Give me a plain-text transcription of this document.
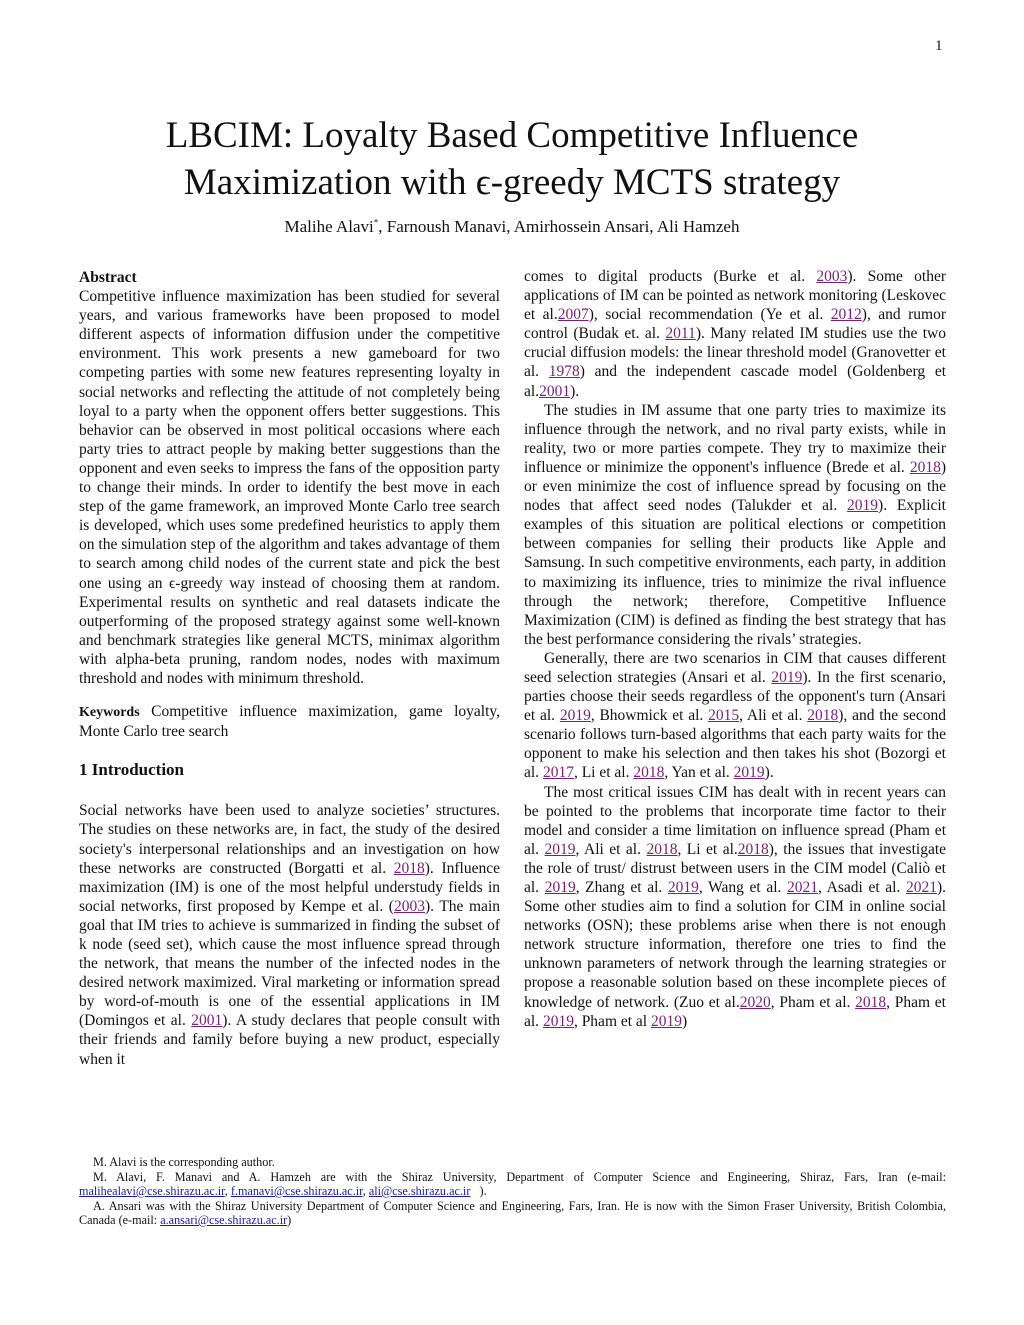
1
LBCIM: Loyalty Based Competitive Influence
Maximization with ϵ-greedy MCTS strategy
Malihe Alavi*, Farnoush Manavi, Amirhossein Ansari, Ali Hamzeh

Abstract

Competitive influence maximization has been studied for several years, and various frameworks have been proposed to model different aspects of information diffusion under the competitive environment. This work presents a new gameboard for two competing parties with some new features representing loyalty in social networks and reflecting the attitude of not completely being loyal to a party when the opponent offers better suggestions. This behavior can be observed in most political occasions where each party tries to attract people by making better suggestions than the opponent and even seeks to impress the fans of the opposition party to change their minds. In order to identify the best move in each step of the game framework, an improved Monte Carlo tree search is developed, which uses some predefined heuristics to apply them on the simulation step of the algorithm and takes advantage of them to search among child nodes of the current state and pick the best one using an ϵ-greedy way instead of choosing them at random. Experimental results on synthetic and real datasets indicate the outperforming of the proposed strategy against some well-known and benchmark strategies like general MCTS, minimax algorithm with alpha-beta pruning, random nodes, nodes with maximum threshold and nodes with minimum threshold.

Keywords Competitive influence maximization, game loyalty, Monte Carlo tree search

1 Introduction

Social networks have been used to analyze societies’ structures. The studies on these networks are, in fact, the study of the desired society's interpersonal relationships and an investigation on how these networks are constructed (Borgatti et al. 2018). Influence maximization (IM) is one of the most helpful understudy fields in social networks, first proposed by Kempe et al. (2003). The main goal that IM tries to achieve is summarized in finding the subset of k node (seed set), which cause the most influence spread through the network, that means the number of the infected nodes in the desired network maximized. Viral marketing or information spread by word-of-mouth is one of the essential applications in IM (Domingos et al. 2001). A study declares that people consult with their friends and family before buying a new product, especially when it

comes to digital products (Burke et al. 2003). Some other applications of IM can be pointed as network monitoring (Leskovec et al.2007), social recommendation (Ye et al. 2012), and rumor control (Budak et. al. 2011). Many related IM studies use the two crucial diffusion models: the linear threshold model (Granovetter et al. 1978) and the independent cascade model (Goldenberg et al.2001).

The studies in IM assume that one party tries to maximize its influence through the network, and no rival party exists, while in reality, two or more parties compete. They try to maximize their influence or minimize the opponent's influence (Brede et al. 2018) or even minimize the cost of influence spread by focusing on the nodes that affect seed nodes (Talukder et al. 2019). Explicit examples of this situation are political elections or competition between companies for selling their products like Apple and Samsung. In such competitive environments, each party, in addition to maximizing its influence, tries to minimize the rival influence through the network; therefore, Competitive Influence Maximization (CIM) is defined as finding the best strategy that has the best performance considering the rivals’ strategies.

Generally, there are two scenarios in CIM that causes different seed selection strategies (Ansari et al. 2019). In the first scenario, parties choose their seeds regardless of the opponent's turn (Ansari et al. 2019, Bhowmick et al. 2015, Ali et al. 2018), and the second scenario follows turn-based algorithms that each party waits for the opponent to make his selection and then takes his shot (Bozorgi et al. 2017, Li et al. 2018, Yan et al. 2019).

The most critical issues CIM has dealt with in recent years can be pointed to the problems that incorporate time factor to their model and consider a time limitation on influence spread (Pham et al. 2019, Ali et al. 2018, Li et al.2018), the issues that investigate the role of trust/ distrust between users in the CIM model (Caliò et al. 2019, Zhang et al. 2019, Wang et al. 2021, Asadi et al. 2021). Some other studies aim to find a solution for CIM in online social networks (OSN); these problems arise when there is not enough network structure information, therefore one tries to find the unknown parameters of network through the learning strategies or propose a reasonable solution based on these incomplete pieces of knowledge of network. (Zuo et al.2020, Pham et al. 2018, Pham et al. 2019, Pham et al 2019)

M. Alavi is the corresponding author.

M. Alavi, F. Manavi and A. Hamzeh are with the Shiraz University, Department of Computer Science and Engineering, Shiraz, Fars, Iran (e-mail: malihealavi@cse.shirazu.ac.ir, f.manavi@cse.shirazu.ac.ir, ali@cse.shirazu.ac.ir   ).

A. Ansari was with the Shiraz University Department of Computer Science and Engineering, Fars, Iran. He is now with the Simon Fraser University, British Colombia, Canada (e-mail: a.ansari@cse.shirazu.ac.ir)
